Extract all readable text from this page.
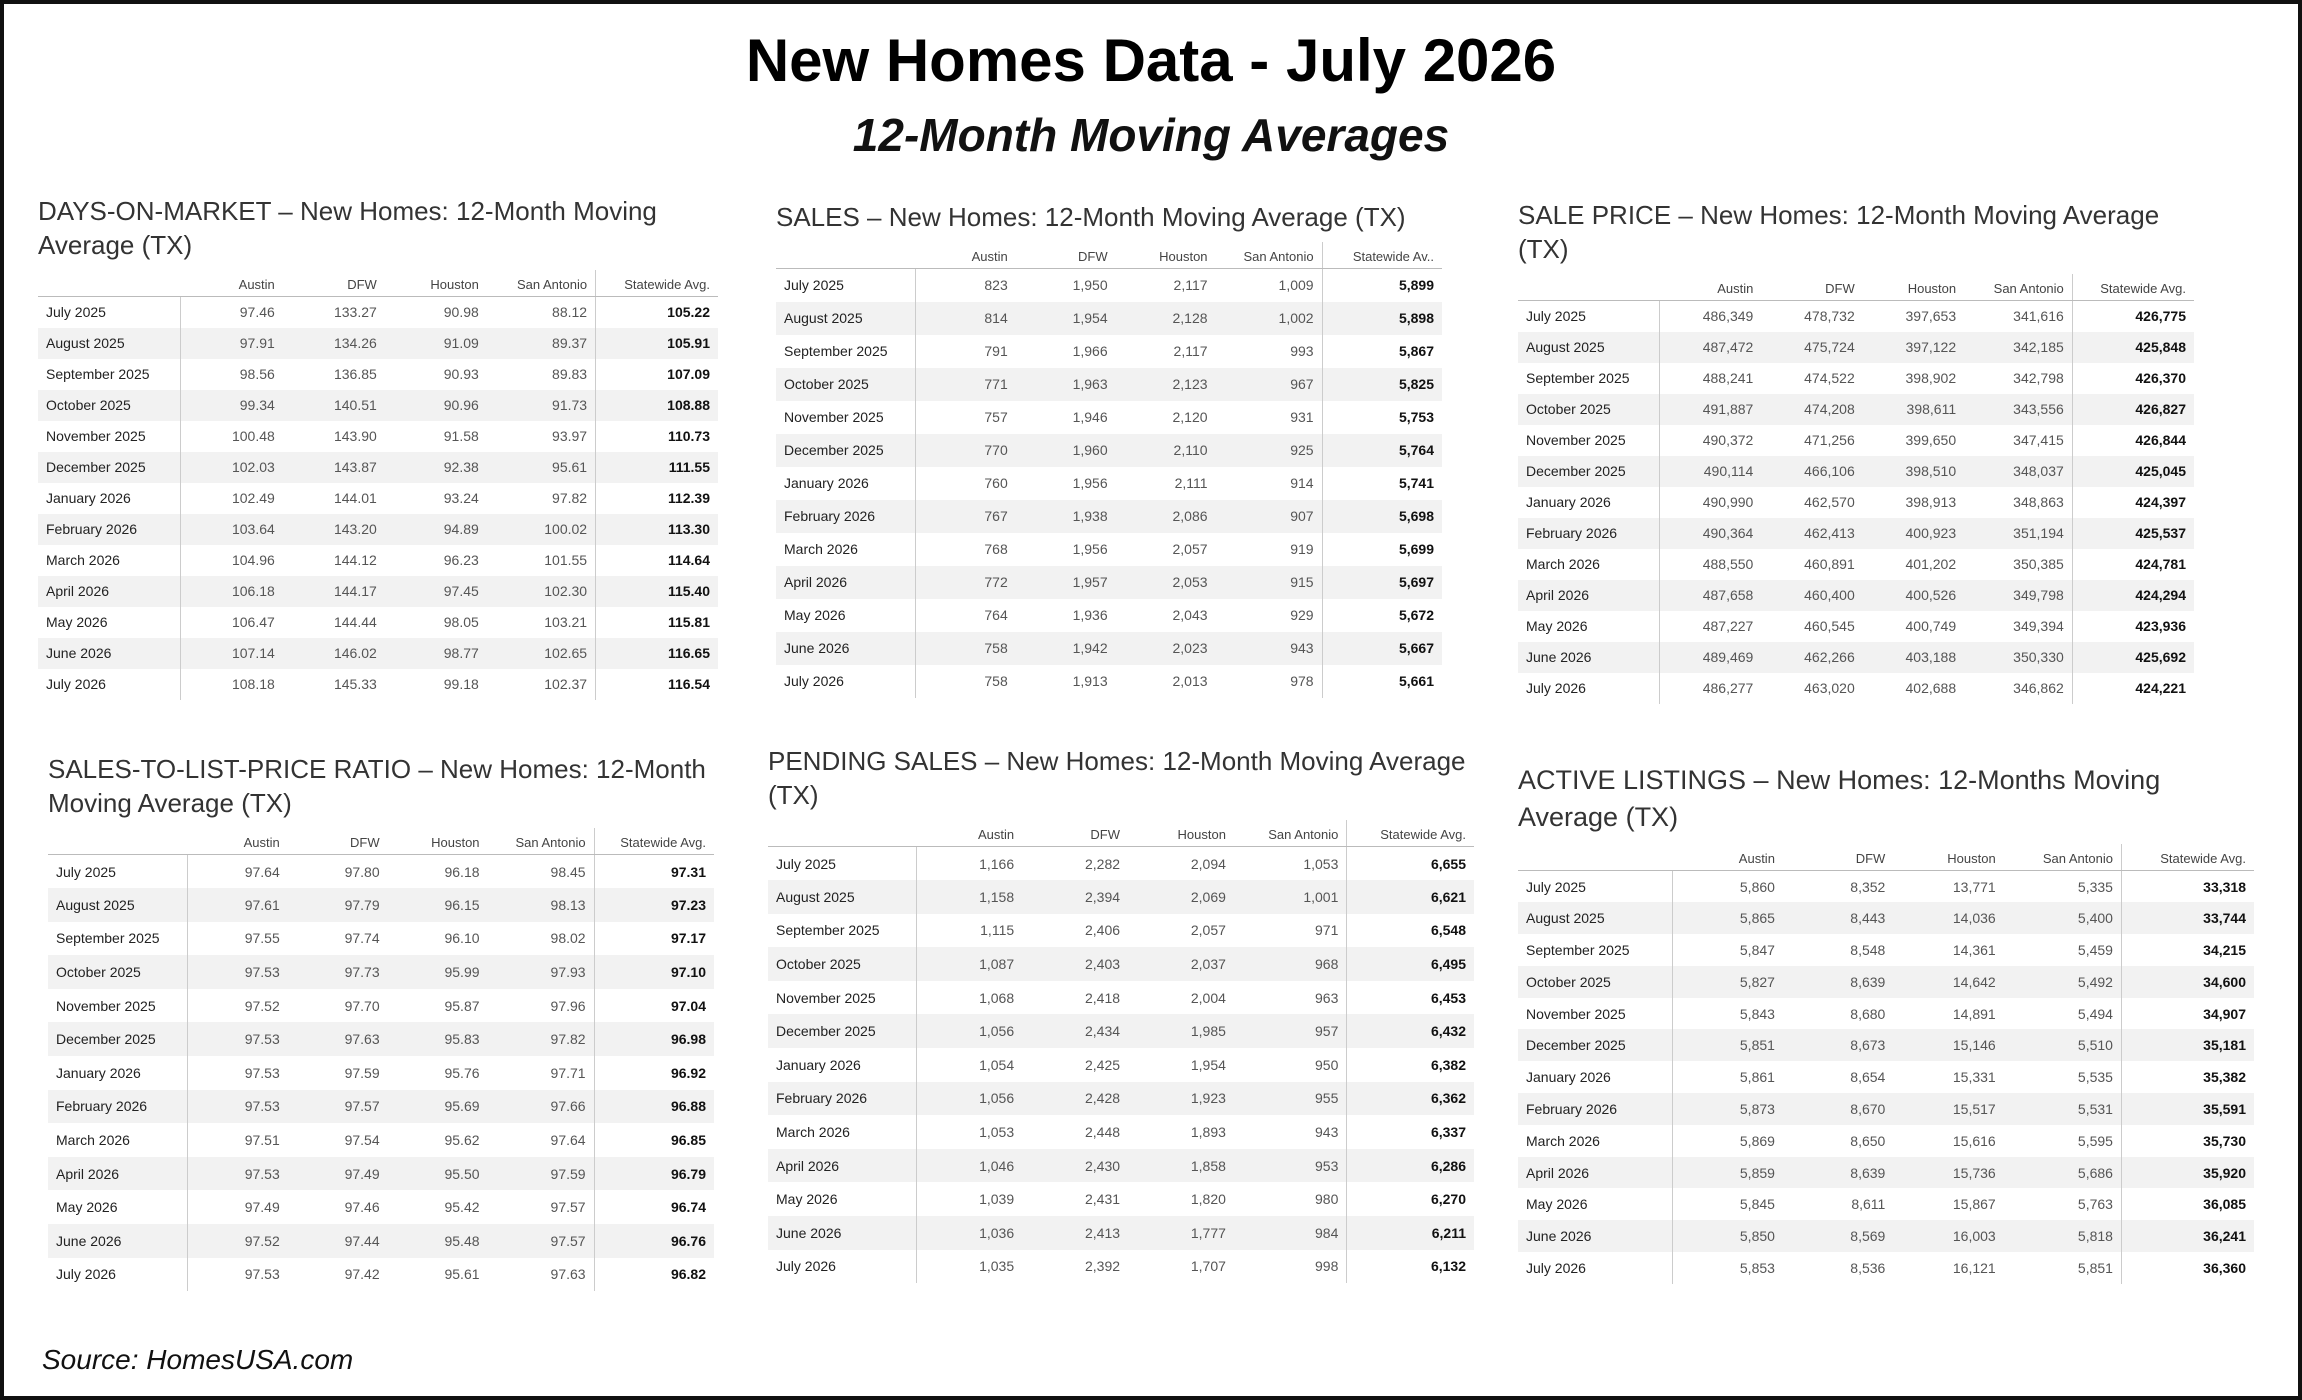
New Homes Data - July 2026
12-Month Moving Averages
DAYS-ON-MARKET – New Homes: 12-Month Moving Average (TX)
	Austin	DFW	Houston	San Antonio	Statewide Avg.
July 2025	97.46	133.27	90.98	88.12	105.22
August 2025	97.91	134.26	91.09	89.37	105.91
September 2025	98.56	136.85	90.93	89.83	107.09
October 2025	99.34	140.51	90.96	91.73	108.88
November 2025	100.48	143.90	91.58	93.97	110.73
December 2025	102.03	143.87	92.38	95.61	111.55
January 2026	102.49	144.01	93.24	97.82	112.39
February 2026	103.64	143.20	94.89	100.02	113.30
March 2026	104.96	144.12	96.23	101.55	114.64
April 2026	106.18	144.17	97.45	102.30	115.40
May 2026	106.47	144.44	98.05	103.21	115.81
June 2026	107.14	146.02	98.77	102.65	116.65
July 2026	108.18	145.33	99.18	102.37	116.54
SALES – New Homes: 12-Month Moving Average (TX)
	Austin	DFW	Houston	San Antonio	Statewide Av..
July 2025	823	1,950	2,117	1,009	5,899
August 2025	814	1,954	2,128	1,002	5,898
September 2025	791	1,966	2,117	993	5,867
October 2025	771	1,963	2,123	967	5,825
November 2025	757	1,946	2,120	931	5,753
December 2025	770	1,960	2,110	925	5,764
January 2026	760	1,956	2,111	914	5,741
February 2026	767	1,938	2,086	907	5,698
March 2026	768	1,956	2,057	919	5,699
April 2026	772	1,957	2,053	915	5,697
May 2026	764	1,936	2,043	929	5,672
June 2026	758	1,942	2,023	943	5,667
July 2026	758	1,913	2,013	978	5,661
SALE PRICE – New Homes: 12-Month Moving Average (TX)
	Austin	DFW	Houston	San Antonio	Statewide Avg.
July 2025	486,349	478,732	397,653	341,616	426,775
August 2025	487,472	475,724	397,122	342,185	425,848
September 2025	488,241	474,522	398,902	342,798	426,370
October 2025	491,887	474,208	398,611	343,556	426,827
November 2025	490,372	471,256	399,650	347,415	426,844
December 2025	490,114	466,106	398,510	348,037	425,045
January 2026	490,990	462,570	398,913	348,863	424,397
February 2026	490,364	462,413	400,923	351,194	425,537
March 2026	488,550	460,891	401,202	350,385	424,781
April 2026	487,658	460,400	400,526	349,798	424,294
May 2026	487,227	460,545	400,749	349,394	423,936
June 2026	489,469	462,266	403,188	350,330	425,692
July 2026	486,277	463,020	402,688	346,862	424,221
SALES-TO-LIST-PRICE RATIO – New Homes: 12-Month Moving Average (TX)
	Austin	DFW	Houston	San Antonio	Statewide Avg.
July 2025	97.64	97.80	96.18	98.45	97.31
August 2025	97.61	97.79	96.15	98.13	97.23
September 2025	97.55	97.74	96.10	98.02	97.17
October 2025	97.53	97.73	95.99	97.93	97.10
November 2025	97.52	97.70	95.87	97.96	97.04
December 2025	97.53	97.63	95.83	97.82	96.98
January 2026	97.53	97.59	95.76	97.71	96.92
February 2026	97.53	97.57	95.69	97.66	96.88
March 2026	97.51	97.54	95.62	97.64	96.85
April 2026	97.53	97.49	95.50	97.59	96.79
May 2026	97.49	97.46	95.42	97.57	96.74
June 2026	97.52	97.44	95.48	97.57	96.76
July 2026	97.53	97.42	95.61	97.63	96.82
PENDING SALES – New Homes: 12-Month Moving Average (TX)
	Austin	DFW	Houston	San Antonio	Statewide Avg.
July 2025	1,166	2,282	2,094	1,053	6,655
August 2025	1,158	2,394	2,069	1,001	6,621
September 2025	1,115	2,406	2,057	971	6,548
October 2025	1,087	2,403	2,037	968	6,495
November 2025	1,068	2,418	2,004	963	6,453
December 2025	1,056	2,434	1,985	957	6,432
January 2026	1,054	2,425	1,954	950	6,382
February 2026	1,056	2,428	1,923	955	6,362
March 2026	1,053	2,448	1,893	943	6,337
April 2026	1,046	2,430	1,858	953	6,286
May 2026	1,039	2,431	1,820	980	6,270
June 2026	1,036	2,413	1,777	984	6,211
July 2026	1,035	2,392	1,707	998	6,132
ACTIVE LISTINGS – New Homes: 12-Months Moving Average (TX)
	Austin	DFW	Houston	San Antonio	Statewide Avg.
July 2025	5,860	8,352	13,771	5,335	33,318
August 2025	5,865	8,443	14,036	5,400	33,744
September 2025	5,847	8,548	14,361	5,459	34,215
October 2025	5,827	8,639	14,642	5,492	34,600
November 2025	5,843	8,680	14,891	5,494	34,907
December 2025	5,851	8,673	15,146	5,510	35,181
January 2026	5,861	8,654	15,331	5,535	35,382
February 2026	5,873	8,670	15,517	5,531	35,591
March 2026	5,869	8,650	15,616	5,595	35,730
April 2026	5,859	8,639	15,736	5,686	35,920
May 2026	5,845	8,611	15,867	5,763	36,085
June 2026	5,850	8,569	16,003	5,818	36,241
July 2026	5,853	8,536	16,121	5,851	36,360
Source: HomesUSA.com
